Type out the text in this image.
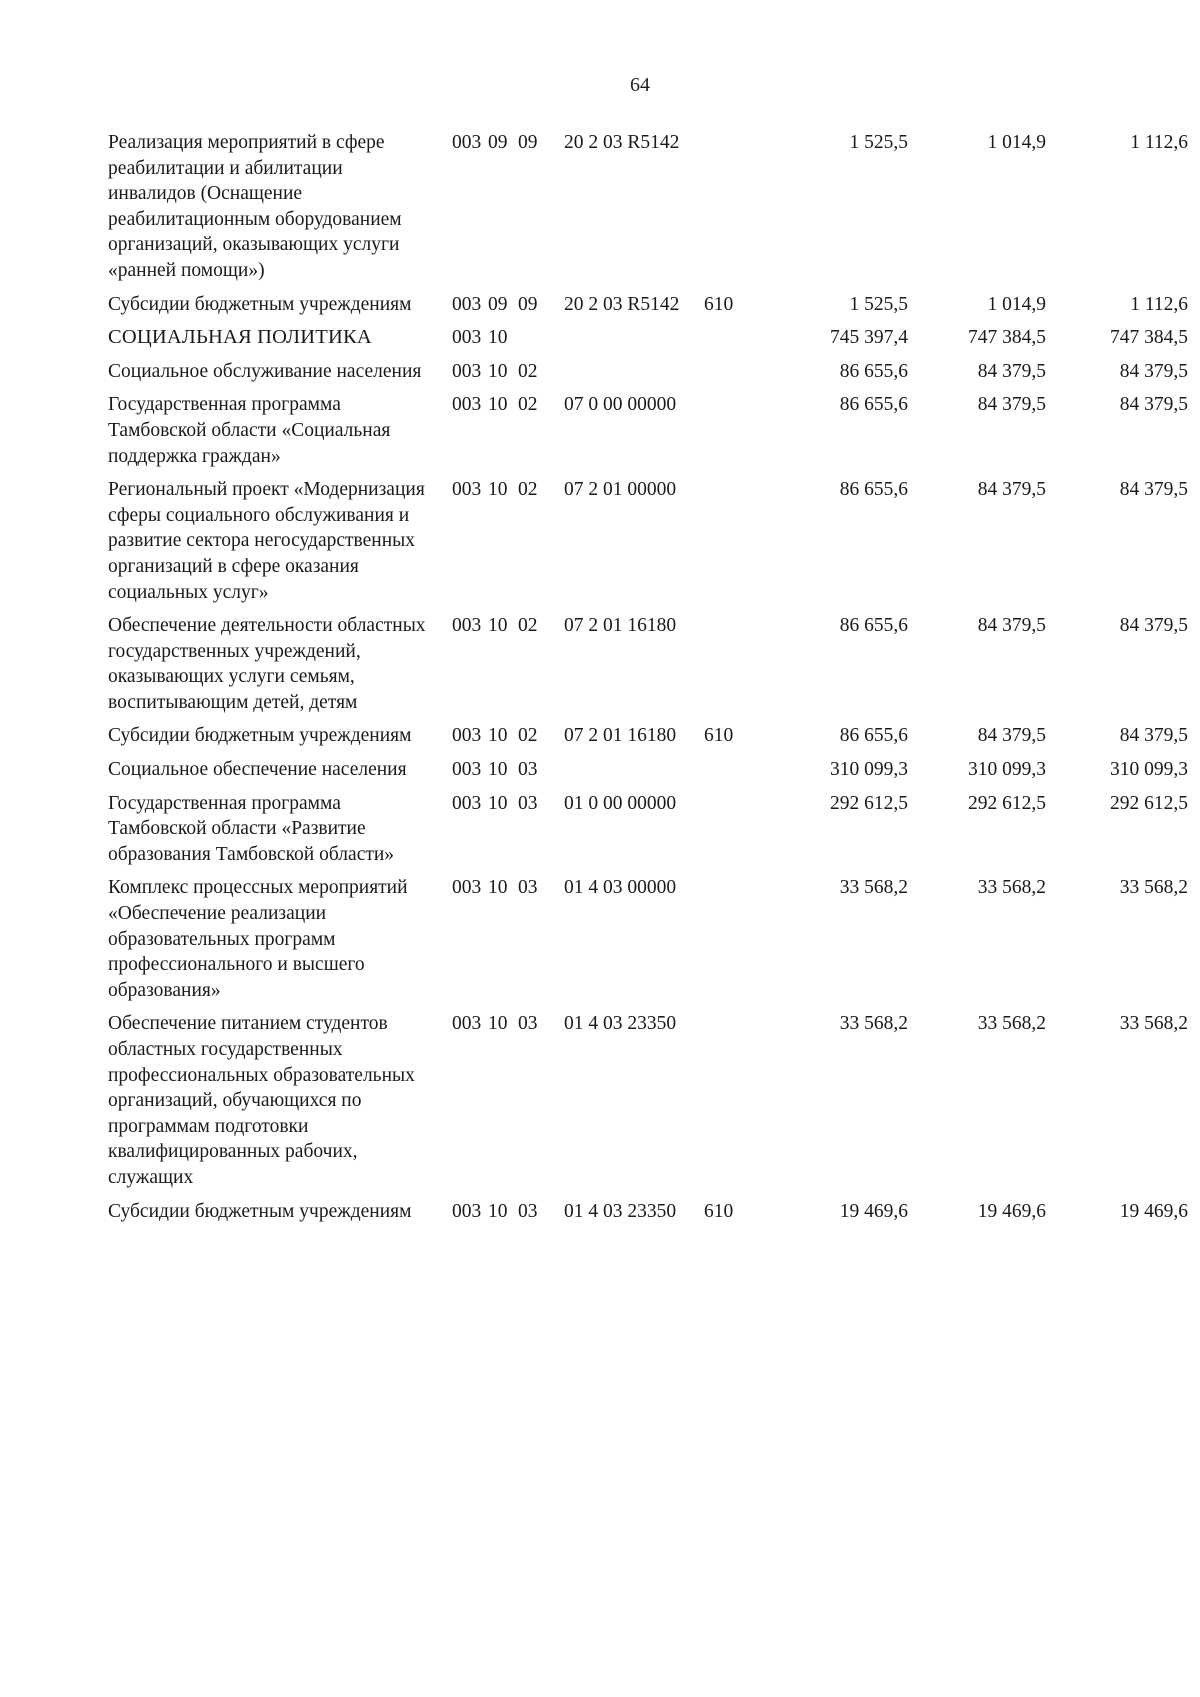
64
Реализация мероприятий в сфере реабилитации и абилитации инвалидов (Оснащение реабилитационным оборудованием организаций, оказывающих услуги «ранней помощи»)	003	09	09	20 2 03 R5142		1 525,5	1 014,9	1 112,6
Субсидии бюджетным учреждениям	003	09	09	20 2 03 R5142	610	1 525,5	1 014,9	1 112,6
СОЦИАЛЬНАЯ ПОЛИТИКА	003	10				745 397,4	747 384,5	747 384,5
Социальное обслуживание населения	003	10	02			86 655,6	84 379,5	84 379,5
Государственная программа Тамбовской области «Социальная поддержка граждан»	003	10	02	07 0 00 00000		86 655,6	84 379,5	84 379,5
Региональный проект «Модернизация сферы социального обслуживания и развитие сектора негосударственных организаций в сфере оказания социальных услуг»	003	10	02	07 2 01 00000		86 655,6	84 379,5	84 379,5
Обеспечение деятельности областных государственных учреждений, оказывающих услуги семьям, воспитывающим детей, детям	003	10	02	07 2 01 16180		86 655,6	84 379,5	84 379,5
Субсидии бюджетным учреждениям	003	10	02	07 2 01 16180	610	86 655,6	84 379,5	84 379,5
Социальное обеспечение населения	003	10	03			310 099,3	310 099,3	310 099,3
Государственная программа Тамбовской области «Развитие образования Тамбовской области»	003	10	03	01 0 00 00000		292 612,5	292 612,5	292 612,5
Комплекс процессных мероприятий «Обеспечение реализации образовательных программ профессионального и высшего образования»	003	10	03	01 4 03 00000		33 568,2	33 568,2	33 568,2
Обеспечение питанием студентов областных государственных профессиональных образовательных организаций, обучающихся по программам подготовки квалифицированных рабочих, служащих	003	10	03	01 4 03 23350		33 568,2	33 568,2	33 568,2
Субсидии бюджетным учреждениям	003	10	03	01 4 03 23350	610	19 469,6	19 469,6	19 469,6
